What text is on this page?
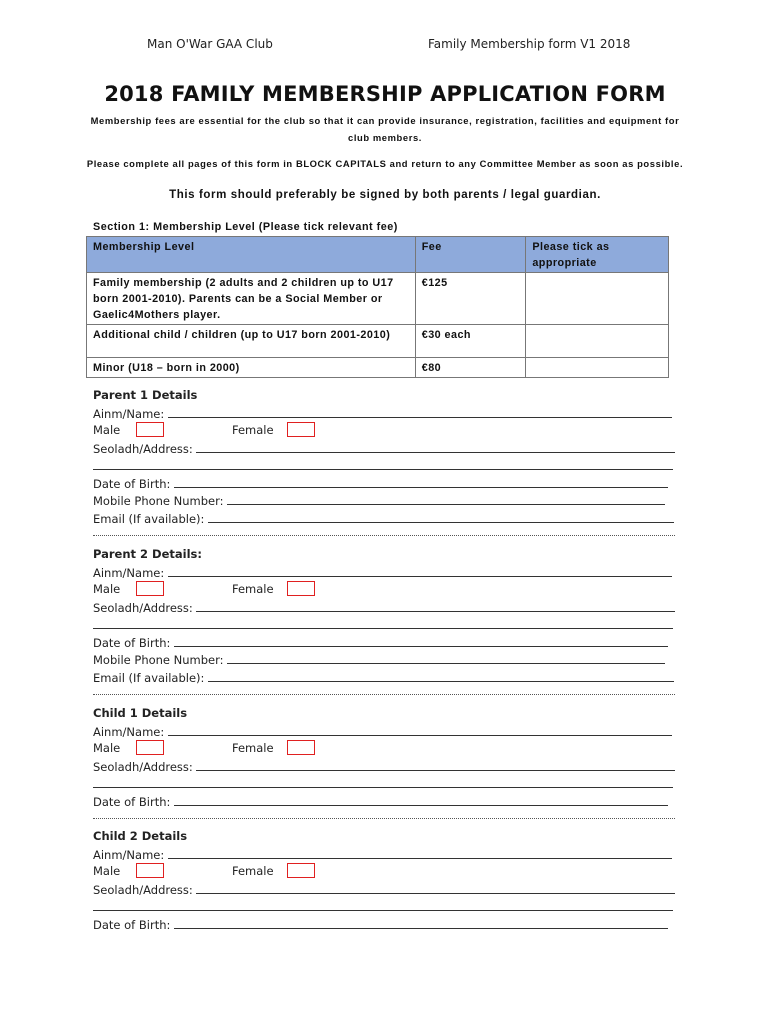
Man O'War GAA Club	Family Membership form V1 2018
2018 FAMILY MEMBERSHIP APPLICATION FORM
Membership fees are essential for the club so that it can provide insurance, registration, facilities and equipment for club members.
Please complete all pages of this form in BLOCK CAPITALS and return to any Committee Member as soon as possible.
This form should preferably be signed by both parents / legal guardian.
Section 1: Membership Level (Please tick relevant fee)
Membership Level	Fee	Please tick as appropriate
Family membership (2 adults and 2 children up to U17 born 2001-2010). Parents can be a Social Member or Gaelic4Mothers player.	€125	
Additional child / children (up to U17 born 2001-2010)	€30 each	
Minor (U18 – born in 2000)	€80	
Parent 1 Details
Ainm/Name:
Male	Female
Seoladh/Address:
Date of Birth:
Mobile Phone Number:
Email (If available):
Parent 2 Details:
Ainm/Name:
Male	Female
Seoladh/Address:
Date of Birth:
Mobile Phone Number:
Email (If available):
Child 1 Details
Ainm/Name:
Male	Female
Seoladh/Address:
Date of Birth:
Child 2 Details
Ainm/Name:
Male	Female
Seoladh/Address:
Date of Birth:
